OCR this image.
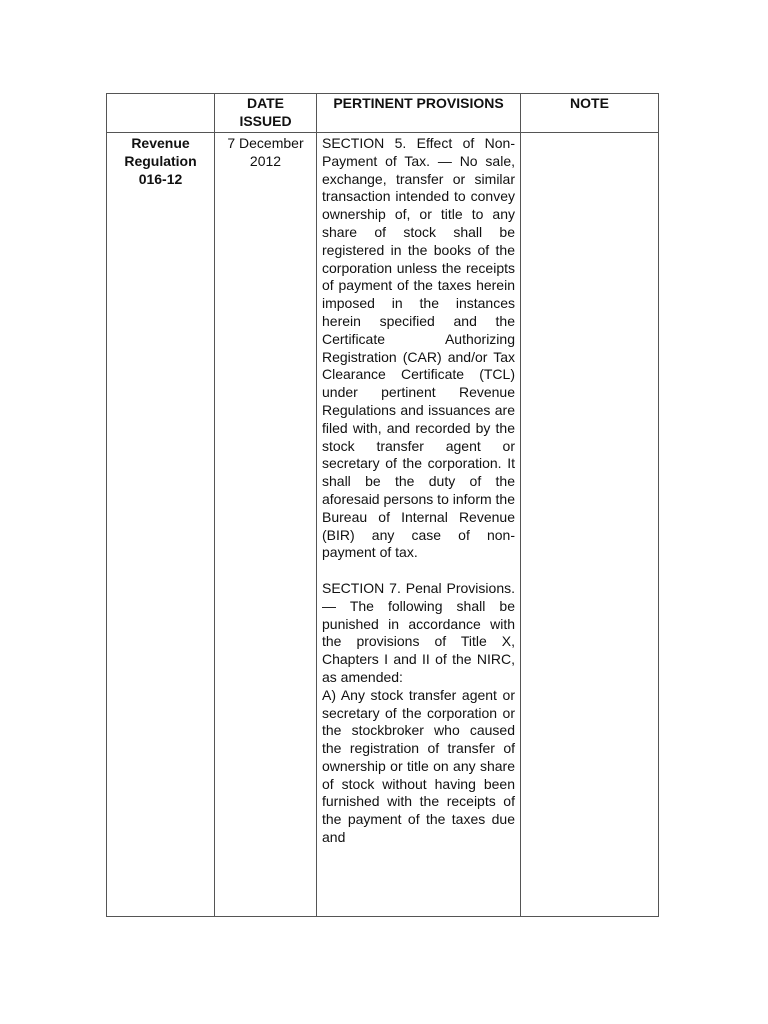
	DATE ISSUED	PERTINENT PROVISIONS	NOTE
Revenue Regulation 016-12	7 December 2012	SECTION 5. Effect of Non-Payment of Tax. — No sale, exchange, transfer or similar transaction intended to convey ownership of, or title to any share of stock shall be registered in the books of the corporation unless the receipts of payment of the taxes herein imposed in the instances herein specified and the Certificate Authorizing Registration (CAR) and/or Tax Clearance Certificate (TCL) under pertinent Revenue Regulations and issuances are filed with, and recorded by the stock transfer agent or secretary of the corporation. It shall be the duty of the aforesaid persons to inform the Bureau of Internal Revenue (BIR) any case of non-payment of tax.
SECTION 7. Penal Provisions. — The following shall be punished in accordance with the provisions of Title X, Chapters I and II of the NIRC, as amended:
A) Any stock transfer agent or secretary of the corporation or the stockbroker who caused the registration of transfer of ownership or title on any share of stock without having been furnished with the receipts of the payment of the taxes due and	
